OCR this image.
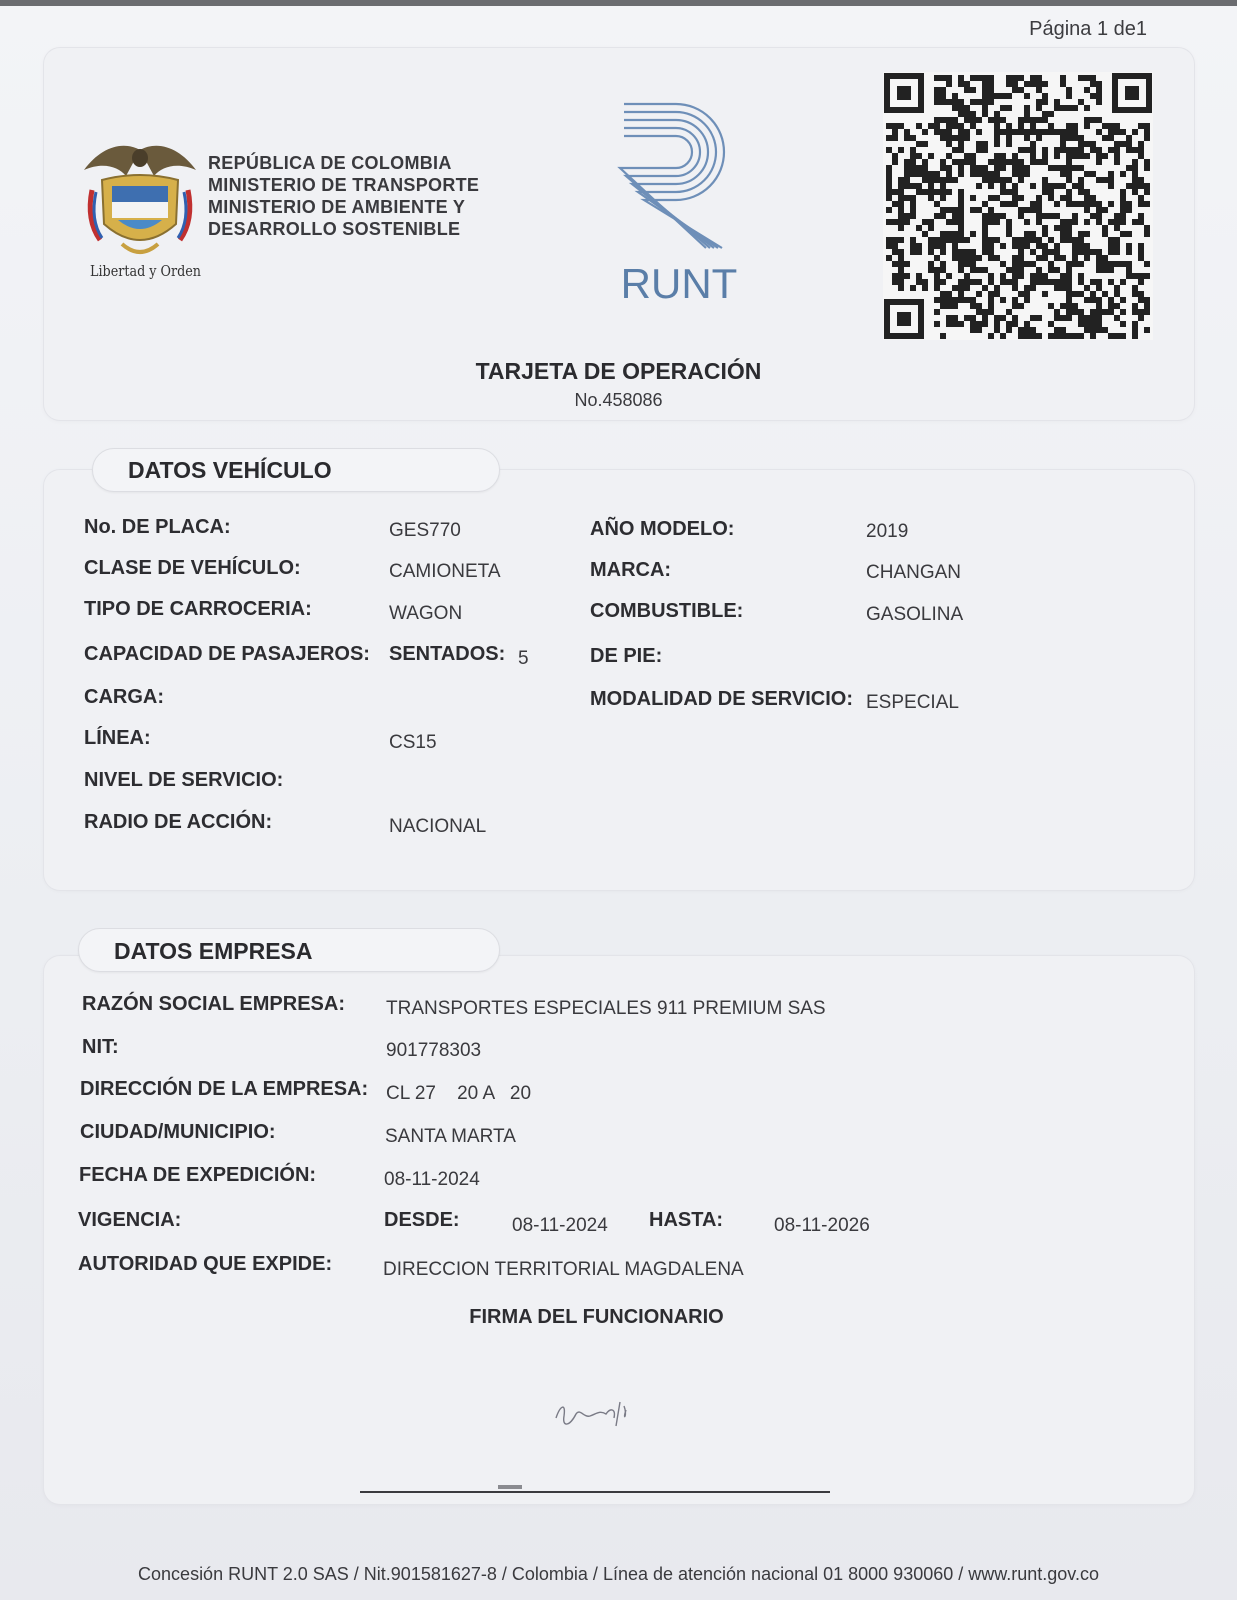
Página 1 de1
Libertad y Orden
REPÚBLICA DE COLOMBIA
MINISTERIO DE TRANSPORTE
MINISTERIO DE AMBIENTE Y
DESARROLLO SOSTENIBLE
RUNT
TARJETA DE OPERACIÓN
No.458086
DATOS VEHÍCULO
No. DE PLACA:	GES770	AÑO MODELO:	2019
CLASE DE VEHÍCULO:	CAMIONETA	MARCA:	CHANGAN
TIPO DE CARROCERIA:	WAGON	COMBUSTIBLE:	GASOLINA
CAPACIDAD DE PASAJEROS: SENTADOS: 5	DE PIE:
CARGA:	MODALIDAD DE SERVICIO: ESPECIAL
LÍNEA:	CS15
NIVEL DE SERVICIO:
RADIO DE ACCIÓN:	NACIONAL
DATOS EMPRESA
RAZÓN SOCIAL EMPRESA: TRANSPORTES ESPECIALES 911 PREMIUM SAS
NIT:	901778303
DIRECCIÓN DE LA EMPRESA: CL 27    20 A   20
CIUDAD/MUNICIPIO:	SANTA MARTA
FECHA DE EXPEDICIÓN:	08-11-2024
VIGENCIA:	DESDE:	08-11-2024 HASTA:	08-11-2026
AUTORIDAD QUE EXPIDE:	DIRECCION TERRITORIAL MAGDALENA
FIRMA DEL FUNCIONARIO
Concesión RUNT 2.0 SAS / Nit.901581627-8 / Colombia / Línea de atención nacional 01 8000 930060 / www.runt.gov.co
